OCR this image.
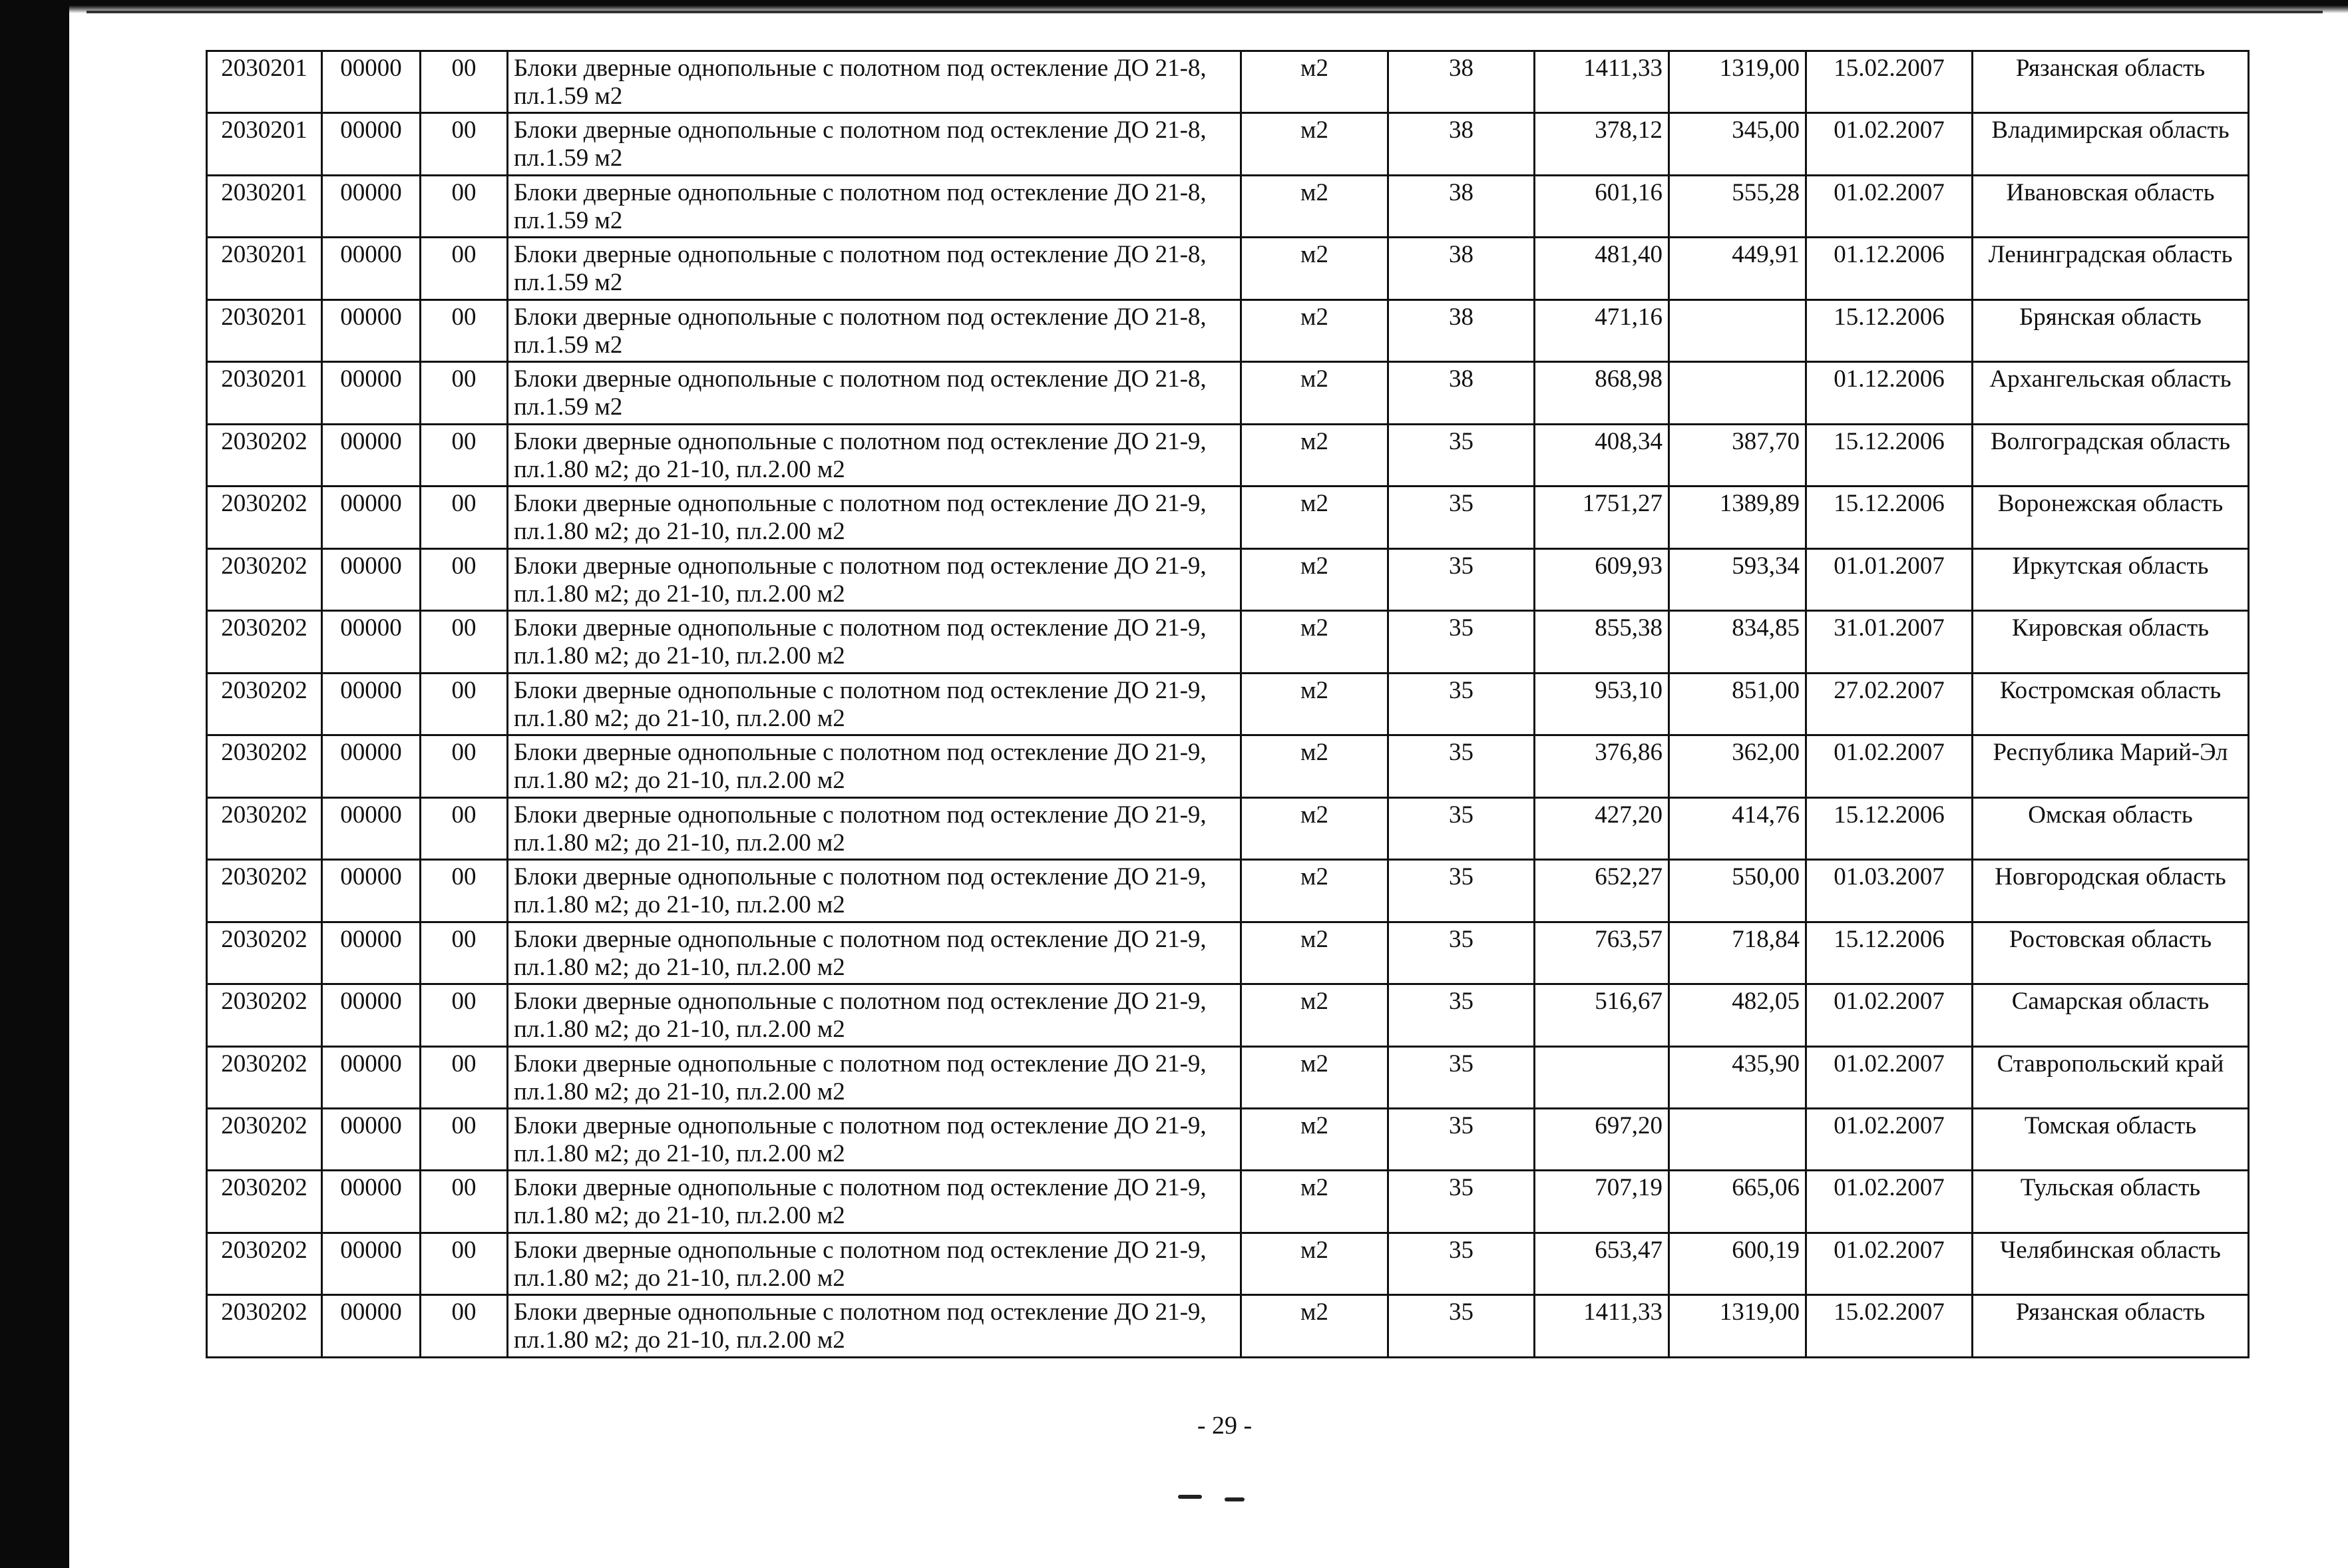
2030201	00000	00	Блоки дверные однопольные с полотном под остекление ДО 21-8, пл.1.59 м2	м2	38	1411,33	1319,00	15.02.2007	Рязанская область
2030201	00000	00	Блоки дверные однопольные с полотном под остекление ДО 21-8, пл.1.59 м2	м2	38	378,12	345,00	01.02.2007	Владимирская область
2030201	00000	00	Блоки дверные однопольные с полотном под остекление ДО 21-8, пл.1.59 м2	м2	38	601,16	555,28	01.02.2007	Ивановская область
2030201	00000	00	Блоки дверные однопольные с полотном под остекление ДО 21-8, пл.1.59 м2	м2	38	481,40	449,91	01.12.2006	Ленинградская область
2030201	00000	00	Блоки дверные однопольные с полотном под остекление ДО 21-8, пл.1.59 м2	м2	38	471,16		15.12.2006	Брянская область
2030201	00000	00	Блоки дверные однопольные с полотном под остекление ДО 21-8, пл.1.59 м2	м2	38	868,98		01.12.2006	Архангельская область
2030202	00000	00	Блоки дверные однопольные с полотном под остекление ДО 21-9, пл.1.80 м2; до 21-10, пл.2.00 м2	м2	35	408,34	387,70	15.12.2006	Волгоградская область
2030202	00000	00	Блоки дверные однопольные с полотном под остекление ДО 21-9, пл.1.80 м2; до 21-10, пл.2.00 м2	м2	35	1751,27	1389,89	15.12.2006	Воронежская область
2030202	00000	00	Блоки дверные однопольные с полотном под остекление ДО 21-9, пл.1.80 м2; до 21-10, пл.2.00 м2	м2	35	609,93	593,34	01.01.2007	Иркутская область
2030202	00000	00	Блоки дверные однопольные с полотном под остекление ДО 21-9, пл.1.80 м2; до 21-10, пл.2.00 м2	м2	35	855,38	834,85	31.01.2007	Кировская область
2030202	00000	00	Блоки дверные однопольные с полотном под остекление ДО 21-9, пл.1.80 м2; до 21-10, пл.2.00 м2	м2	35	953,10	851,00	27.02.2007	Костромская область
2030202	00000	00	Блоки дверные однопольные с полотном под остекление ДО 21-9, пл.1.80 м2; до 21-10, пл.2.00 м2	м2	35	376,86	362,00	01.02.2007	Республика Марий-Эл
2030202	00000	00	Блоки дверные однопольные с полотном под остекление ДО 21-9, пл.1.80 м2; до 21-10, пл.2.00 м2	м2	35	427,20	414,76	15.12.2006	Омская область
2030202	00000	00	Блоки дверные однопольные с полотном под остекление ДО 21-9, пл.1.80 м2; до 21-10, пл.2.00 м2	м2	35	652,27	550,00	01.03.2007	Новгородская область
2030202	00000	00	Блоки дверные однопольные с полотном под остекление ДО 21-9, пл.1.80 м2; до 21-10, пл.2.00 м2	м2	35	763,57	718,84	15.12.2006	Ростовская область
2030202	00000	00	Блоки дверные однопольные с полотном под остекление ДО 21-9, пл.1.80 м2; до 21-10, пл.2.00 м2	м2	35	516,67	482,05	01.02.2007	Самарская область
2030202	00000	00	Блоки дверные однопольные с полотном под остекление ДО 21-9, пл.1.80 м2; до 21-10, пл.2.00 м2	м2	35		435,90	01.02.2007	Ставропольский край
2030202	00000	00	Блоки дверные однопольные с полотном под остекление ДО 21-9, пл.1.80 м2; до 21-10, пл.2.00 м2	м2	35	697,20		01.02.2007	Томская область
2030202	00000	00	Блоки дверные однопольные с полотном под остекление ДО 21-9, пл.1.80 м2; до 21-10, пл.2.00 м2	м2	35	707,19	665,06	01.02.2007	Тульская область
2030202	00000	00	Блоки дверные однопольные с полотном под остекление ДО 21-9, пл.1.80 м2; до 21-10, пл.2.00 м2	м2	35	653,47	600,19	01.02.2007	Челябинская область
2030202	00000	00	Блоки дверные однопольные с полотном под остекление ДО 21-9, пл.1.80 м2; до 21-10, пл.2.00 м2	м2	35	1411,33	1319,00	15.02.2007	Рязанская область
- 29 -
